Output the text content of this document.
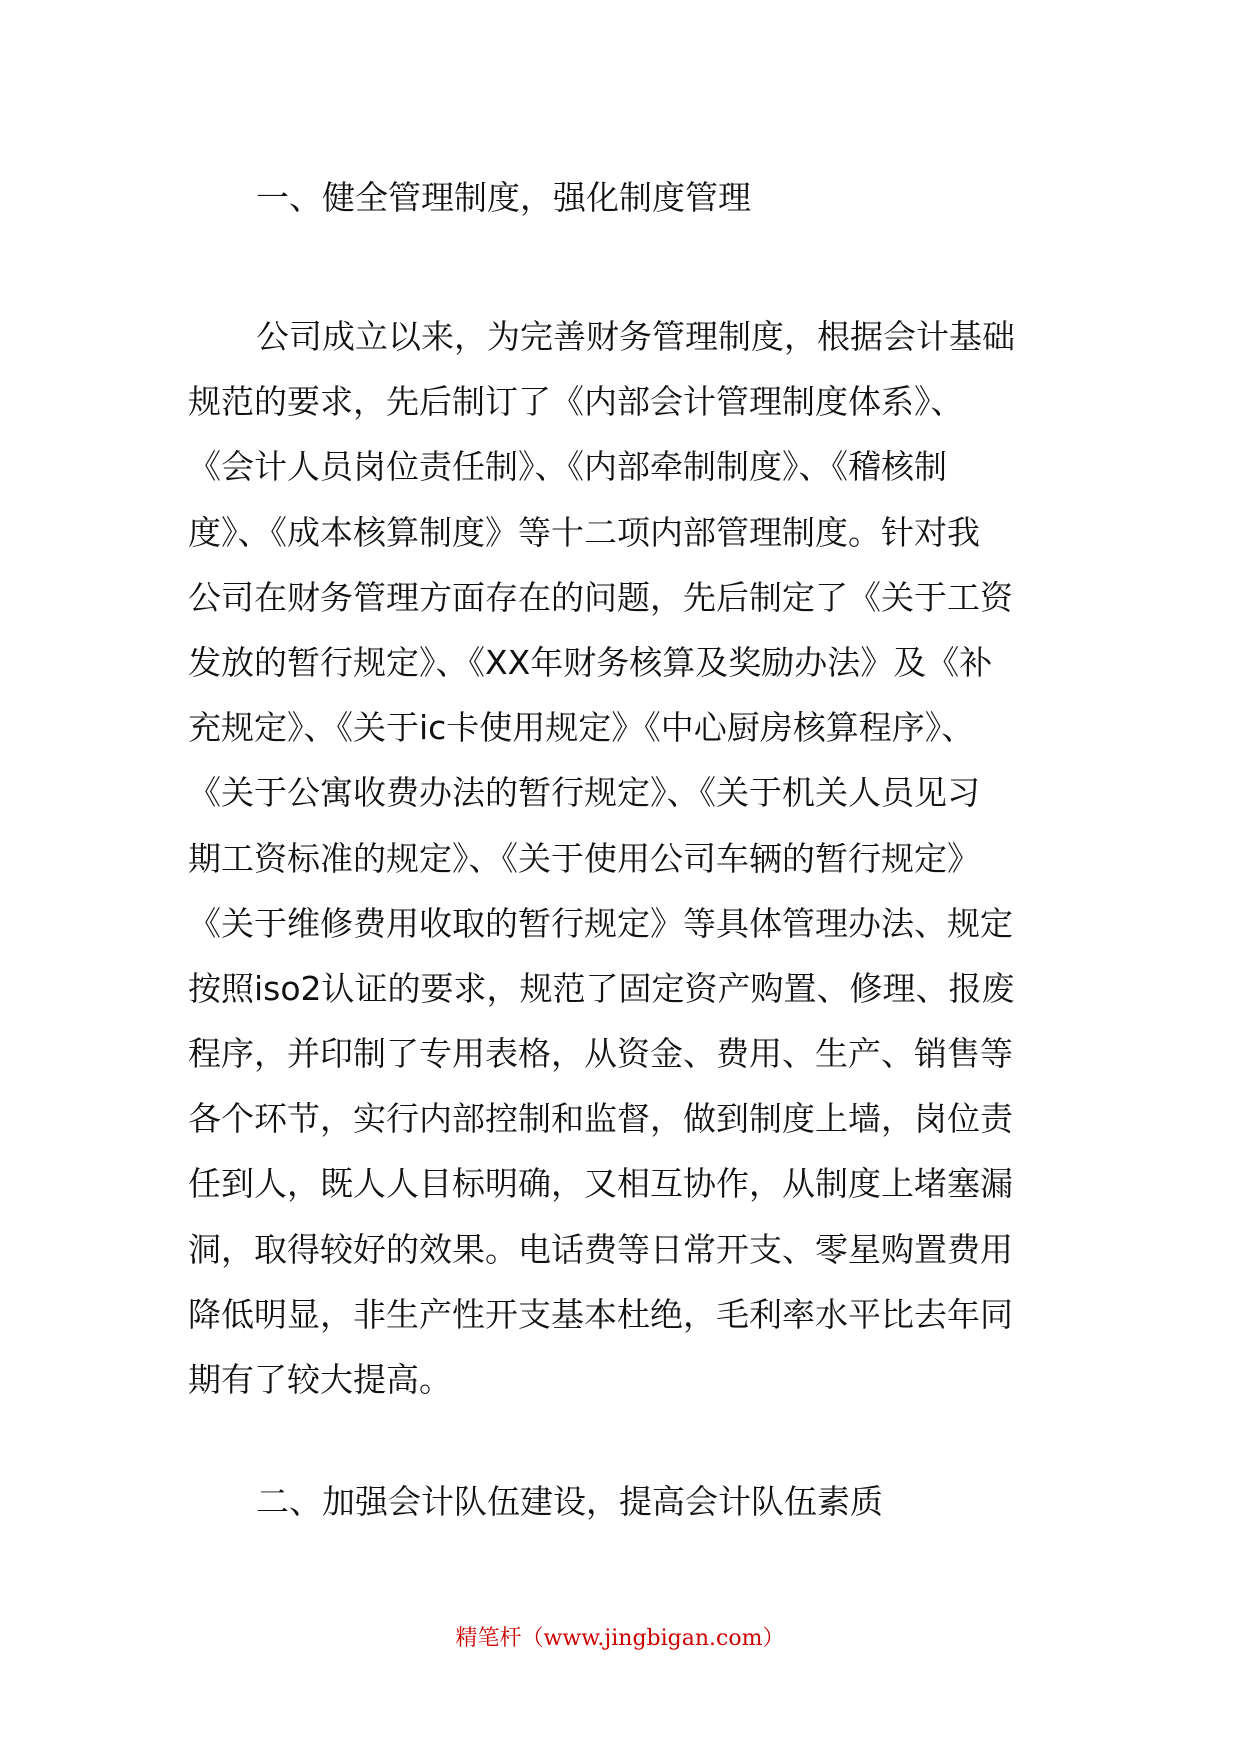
一、健全管理制度，强化制度管理

公司成立以来，为完善财务管理制度，根据会计基础
规范的要求，先后制订了《内部会计管理制度体系》、
《会计人员岗位责任制》、《内部牵制制度》、《稽核制
度》、《成本核算制度》等十二项内部管理制度。针对我
公司在财务管理方面存在的问题，先后制定了《关于工资
发放的暂行规定》、《XX年财务核算及奖励办法》及《补
充规定》、《关于ic卡使用规定》《中心厨房核算程序》、
《关于公寓收费办法的暂行规定》、《关于机关人员见习
期工资标准的规定》、《关于使用公司车辆的暂行规定》
《关于维修费用收取的暂行规定》等具体管理办法、规定
按照iso2认证的要求，规范了固定资产购置、修理、报废
程序，并印制了专用表格，从资金、费用、生产、销售等
各个环节，实行内部控制和监督，做到制度上墙，岗位责
任到人，既人人目标明确，又相互协作，从制度上堵塞漏
洞，取得较好的效果。电话费等日常开支、零星购置费用
降低明显，非生产性开支基本杜绝，毛利率水平比去年同
期有了较大提高。

二、加强会计队伍建设，提高会计队伍素质
精笔杆（www.jingbigan.com）
